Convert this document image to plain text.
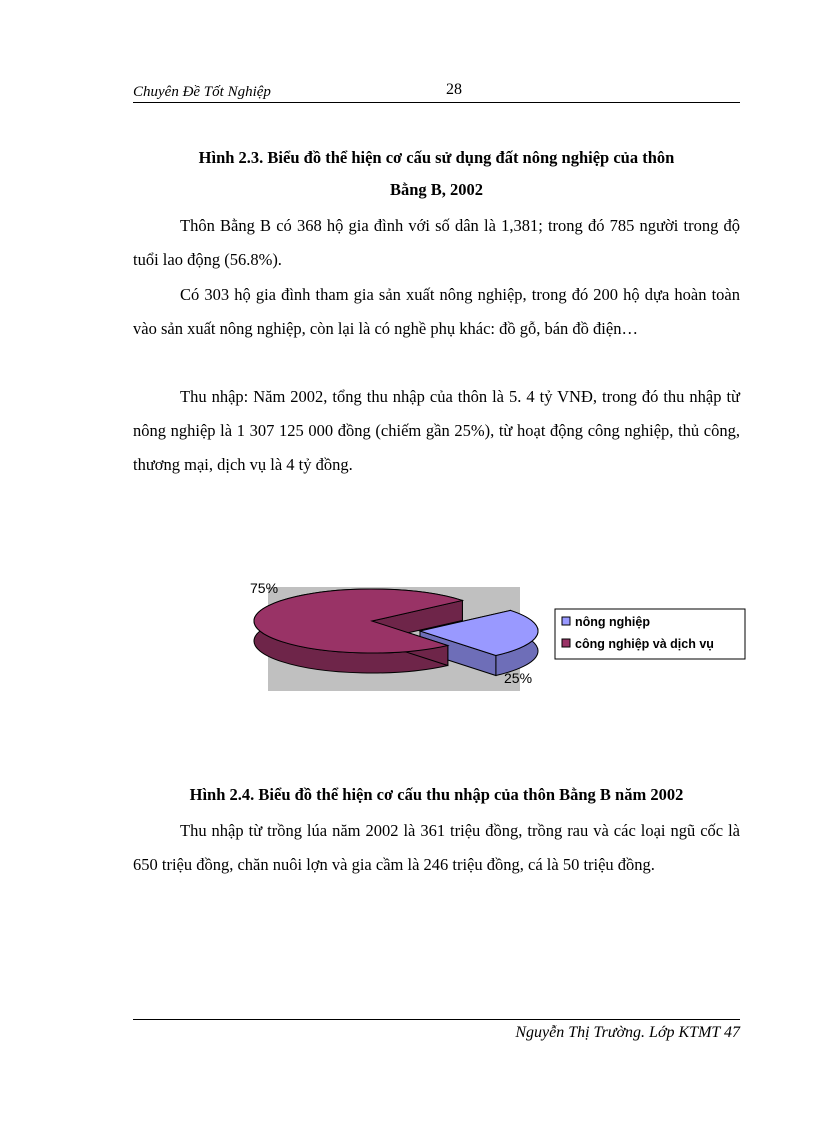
Chuyên Đề Tốt Nghiệp	28
Hình 2.3. Biểu đồ thể hiện cơ cấu sử dụng đất nông nghiệp của thôn
Bằng B, 2002

Thôn Bằng B có 368 hộ gia đình với số dân là 1,381; trong đó 785 người trong độ tuổi lao động (56.8%).

Có 303 hộ gia đình tham gia sản xuất nông nghiệp, trong đó 200 hộ dựa hoàn toàn vào sản xuất nông nghiệp, còn lại là có nghề phụ khác: đồ gỗ, bán đồ điện…

Thu nhập: Năm 2002, tổng thu nhập của thôn là 5. 4 tỷ VNĐ, trong đó thu nhập từ nông nghiệp là 1 307 125 000 đồng (chiếm gần 25%), từ hoạt động công nghiệp, thủ công, thương mại, dịch vụ là 4 tỷ đồng.

25%
75%
nông nghiệp
công nghiệp và dịch vụ
Hình 2.4. Biểu đồ thể hiện cơ cấu thu nhập của thôn Bằng B năm 2002

Thu nhập từ trồng lúa năm 2002 là 361 triệu đồng, trồng rau và các loại ngũ cốc là 650 triệu đồng, chăn nuôi lợn và gia cầm là 246 triệu đồng, cá là 50 triệu đồng.

Nguyễn Thị Trường. Lớp KTMT 47
